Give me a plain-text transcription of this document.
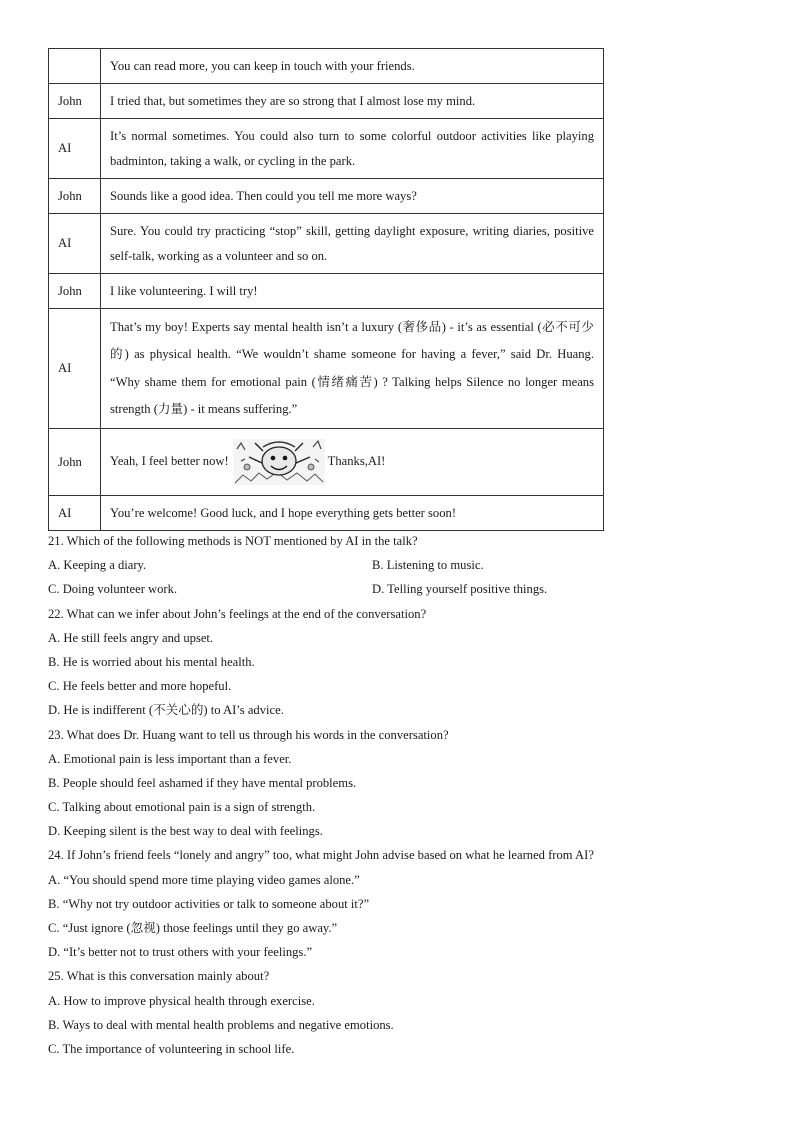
	You can read more, you can keep in touch with your friends.
John	I tried that, but sometimes they are so strong that I almost lose my mind.
AI	It’s normal sometimes. You could also turn to some colorful outdoor activities like playing badminton, taking a walk, or cycling in the park.
John	Sounds like a good idea. Then could you tell me more ways?
AI	Sure. You could try practicing “stop” skill, getting daylight exposure, writing diaries, positive self-talk, working as a volunteer and so on.
John	I like volunteering. I will try!
AI	That’s my boy! Experts say mental health isn’t a luxury (奢侈品) - it’s as essential (必不可少的) as physical health. “We wouldn’t shame someone for having a fever,” said Dr. Huang. “Why shame them for emotional pain (情绪痛苦) ? Talking helps Silence no longer means strength (力量) - it means suffering.”
John	Yeah, I feel better now! Thanks,AI!
AI	You’re welcome! Good luck, and I hope everything gets better soon!
21. Which of the following methods is NOT mentioned by AI in the talk?
A. Keeping a diary.	B. Listening to music.
C. Doing volunteer work.	D. Telling yourself positive things.
22. What can we infer about John’s feelings at the end of the conversation?
A. He still feels angry and upset.
B. He is worried about his mental health.
C. He feels better and more hopeful.
D. He is indifferent (不关心的) to AI’s advice.
23. What does Dr. Huang want to tell us through his words in the conversation?
A. Emotional pain is less important than a fever.
B. People should feel ashamed if they have mental problems.
C. Talking about emotional pain is a sign of strength.
D. Keeping silent is the best way to deal with feelings.
24. If John’s friend feels “lonely and angry” too, what might John advise based on what he learned from AI?
A. “You should spend more time playing video games alone.”
B. “Why not try outdoor activities or talk to someone about it?”
C. “Just ignore (忽视) those feelings until they go away.”
D. “It’s better not to trust others with your feelings.”
25. What is this conversation mainly about?
A. How to improve physical health through exercise.
B. Ways to deal with mental health problems and negative emotions.
C. The importance of volunteering in school life.
